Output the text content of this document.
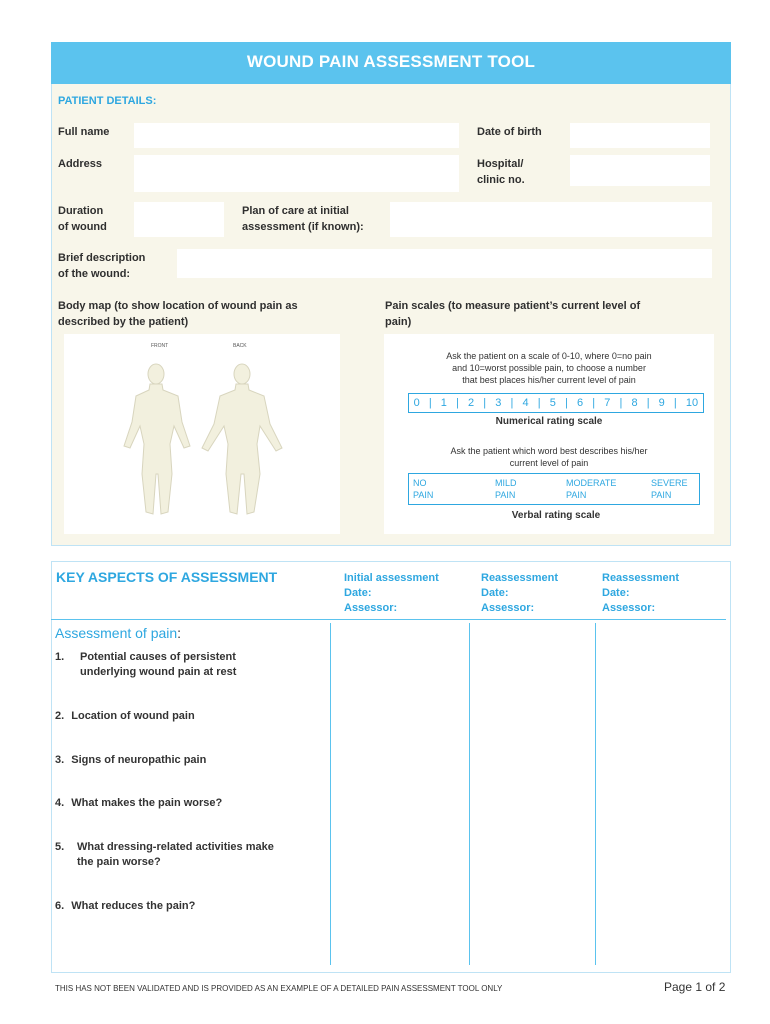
WOUND PAIN ASSESSMENT TOOL
PATIENT DETAILS:
Full name	Date of birth
Address	Hospital/
clinic no.
Duration
of wound
Plan of care at initial
assessment (if known):
Brief description
of the wound:
Body map (to show location of wound pain as
described by the patient)
Pain scales (to measure patient’s current level of
pain)
FRONT	BACK
Ask the patient on a scale of 0-10, where 0=no pain
and 10=worst possible pain, to choose a number
that best places his/her current level of pain
0 | 1 | 2 | 3 | 4 | 5 | 6 | 7 | 8 | 9 | 10
Numerical rating scale
Ask the patient which word best describes his/her
current level of pain
NO
PAIN
MILD
PAIN
MODERATE
PAIN
SEVERE
PAIN
Verbal rating scale
KEY ASPECTS OF ASSESSMENT	Initial assessment
Date:
Assessor:
Reassessment
Date:
Assessor:
Reassessment
Date:
Assessor:
Assessment of pain:
1. Potential causes of persistent
underlying wound pain at rest
2. Location of wound pain
3. Signs of neuropathic pain
4. What makes the pain worse?
5. What dressing-related activities make
the pain worse?
6. What reduces the pain?
THIS HAS NOT BEEN VALIDATED AND IS PROVIDED AS AN EXAMPLE OF A DETAILED PAIN ASSESSMENT TOOL ONLY	Page 1 of 2
